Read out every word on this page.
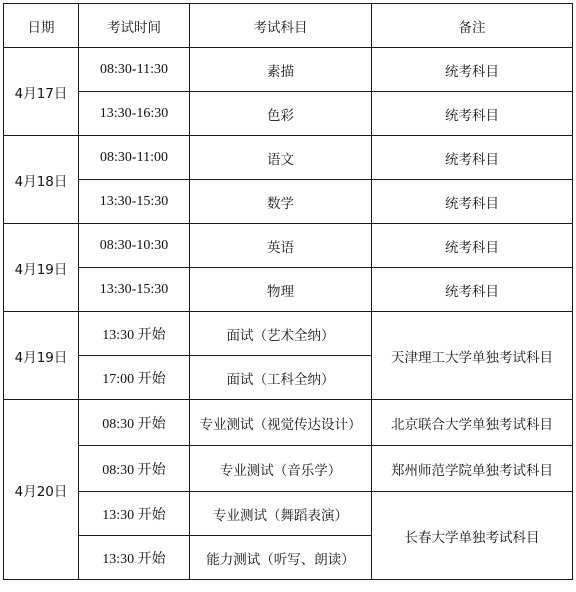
日期	考试时间	考试科目	备注
4月17日	08:30-11:30	素描	统考科目
	13:30-16:30	色彩	统考科目
4月18日	08:30-11:00	语文	统考科目
	13:30-15:30	数学	统考科目
4月19日	08:30-10:30	英语	统考科目
	13:30-15:30	物理	统考科目
4月19日	13:30 开始	面试（艺术全纳）	天津理工大学单独考试科目
	17:00 开始	面试（工科全纳）	
4月20日	08:30 开始	专业测试（视觉传达设计）	北京联合大学单独考试科目
	08:30 开始	专业测试（音乐学）	郑州师范学院单独考试科目
	13:30 开始	专业测试（舞蹈表演）	长春大学单独考试科目
	13:30 开始	能力测试（听写、朗读）	
